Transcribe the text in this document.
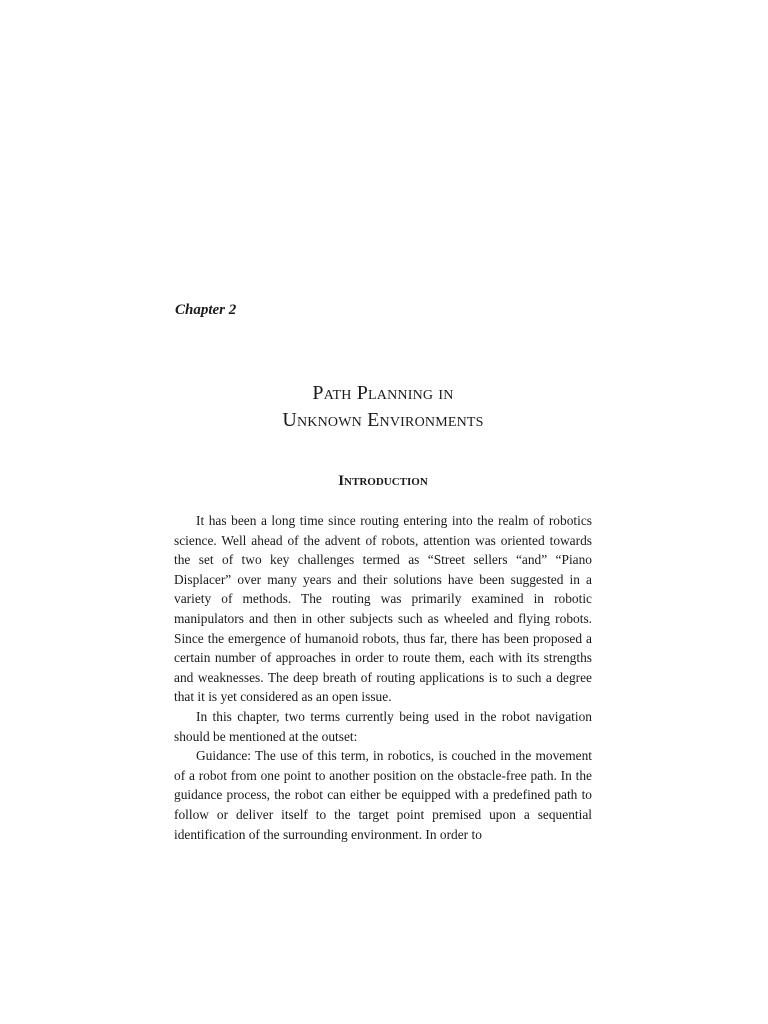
Chapter 2
Path Planning in
Unknown Environments
Introduction

It has been a long time since routing entering into the realm of robotics science. Well ahead of the advent of robots, attention was oriented towards the set of two key challenges termed as “Street sellers “and” “Piano Displacer” over many years and their solutions have been suggested in a variety of methods. The routing was primarily examined in robotic manipulators and then in other subjects such as wheeled and flying robots. Since the emergence of humanoid robots, thus far, there has been proposed a certain number of approaches in order to route them, each with its strengths and weaknesses. The deep breath of routing applications is to such a degree that it is yet considered as an open issue.

In this chapter, two terms currently being used in the robot navigation should be mentioned at the outset:

Guidance: The use of this term, in robotics, is couched in the movement of a robot from one point to another position on the obstacle-free path. In the guidance process, the robot can either be equipped with a predefined path to follow or deliver itself to the target point premised upon a sequential identification of the surrounding environment. In order to
